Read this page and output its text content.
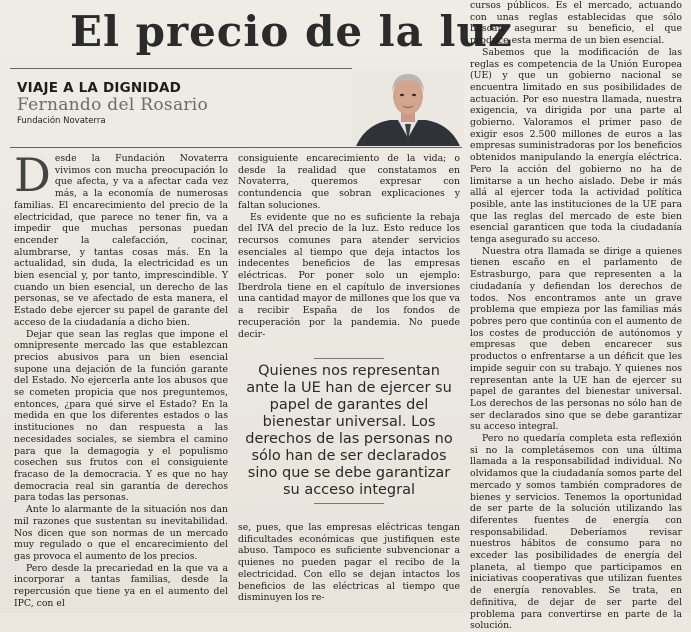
El precio de la luz
VIAJE A LA DIGNIDAD
Fernando del Rosario
Fundación Novaterra

Desde la Fundación Novaterra vivimos con mucha preocupación lo que afecta, y va a afectar cada vez más, a la economía de numerosas familias. El encarecimiento del precio de la electricidad, que parece no tener fin, va a impedir que muchas personas puedan encender la calefacción, cocinar, alumbrarse, y tantas cosas más. En la actualidad, sin duda, la electricidad es un bien esencial y, por tanto, imprescindible. Y cuando un bien esencial, un derecho de las personas, se ve afectado de esta manera, el Estado debe ejercer su papel de garante del acceso de la ciudadanía a dicho bien.

Dejar que sean las reglas que impone el omnipresente mercado las que establezcan precios abusivos para un bien esencial supone una dejación de la función garante del Estado. No ejercerla ante los abusos que se cometen propicia que nos preguntemos, entonces, ¿para qué sirve el Estado? En la medida en que los diferentes estados o las instituciones no dan respuesta a las necesidades sociales, se siembra el camino para que la demagogia y el populismo cosechen sus frutos con el consiguiente fracaso de la democracia. Y es que no hay democracia real sin garantía de derechos para todas las personas.

Ante lo alarmante de la situación nos dan mil razones que sustentan su inevitabilidad. Nos dicen que son normas de un mercado muy regulado o que el encarecimiento del gas provoca el aumento de los precios.

Pero desde la precariedad en la que va a incorporar a tantas familias, desde la repercusión que tiene ya en el aumento del IPC, con el

consiguiente encarecimiento de la vida; o desde la realidad que constatamos en Novaterra, queremos expresar con contundencia que sobran explicaciones y faltan soluciones.

Es evidente que no es suficiente la rebaja del IVA del precio de la luz. Esto reduce los recursos comunes para atender servicios esenciales al tiempo que deja intactos los indecentes beneficios de las empresas eléctricas. Por poner solo un ejemplo: Iberdrola tiene en el capítulo de inversiones una cantidad mayor de millones que los que va a recibir España de los fondos de recuperación por la pandemia. No puede decir-

Quienes nos representan ante la UE han de ejercer su papel de garantes del bienestar universal. Los derechos de las personas no sólo han de ser declarados sino que se debe garantizar su acceso integral

se, pues, que las empresas eléctricas tengan dificultades económicas que justifiquen este abuso. Tampoco es suficiente subvencionar a quienes no pueden pagar el recibo de la electricidad. Con ello se dejan intactos los beneficios de las eléctricas al tiempo que disminuyen los re-

cursos públicos. Es el mercado, actuando con unas reglas establecidas que sólo buscan asegurar su beneficio, el que produce esta merma de un bien esencial.

Sabemos que la modificación de las reglas es competencia de la Unión Europea (UE) y que un gobierno nacional se encuentra limitado en sus posibilidades de actuación. Por eso nuestra llamada, nuestra exigencia, va dirigida por una parte al gobierno. Valoramos el primer paso de exigir esos 2.500 millones de euros a las empresas suministradoras por los beneficios obtenidos manipulando la energía eléctrica. Pero la acción del gobierno no ha de limitarse a un hecho aislado. Debe ir más allá al ejercer toda la actividad política posible, ante las instituciones de la UE para que las reglas del mercado de este bien esencial garanticen que toda la ciudadanía tenga asegurado su acceso.

Nuestra otra llamada se dirige a quienes tienen escaño en el parlamento de Estrasburgo, para que representen a la ciudadanía y defiendan los derechos de todos. Nos encontramos ante un grave problema que empieza por las familias más pobres pero que continúa con el aumento de los costes de producción de autónomos y empresas que deben encarecer sus productos o enfrentarse a un déficit que les impide seguir con su trabajo. Y quienes nos representan ante la UE han de ejercer su papel de garantes del bienestar universal. Los derechos de las personas no sólo han de ser declarados sino que se debe garantizar su acceso integral.

Pero no quedaría completa esta reflexión si no la completásemos con una última llamada a la responsabilidad individual. No olvidamos que la ciudadanía somos parte del mercado y somos también compradores de bienes y servicios. Tenemos la oportunidad de ser parte de la solución utilizando las diferentes fuentes de energía con responsabilidad. Deberíamos revisar nuestros hábitos de consumo para no exceder las posibilidades de energía del planeta, al tiempo que participamos en iniciativas cooperativas que utilizan fuentes de energía renovables. Se trata, en definitiva, de dejar de ser parte del problema para convertirse en parte de la solución.
